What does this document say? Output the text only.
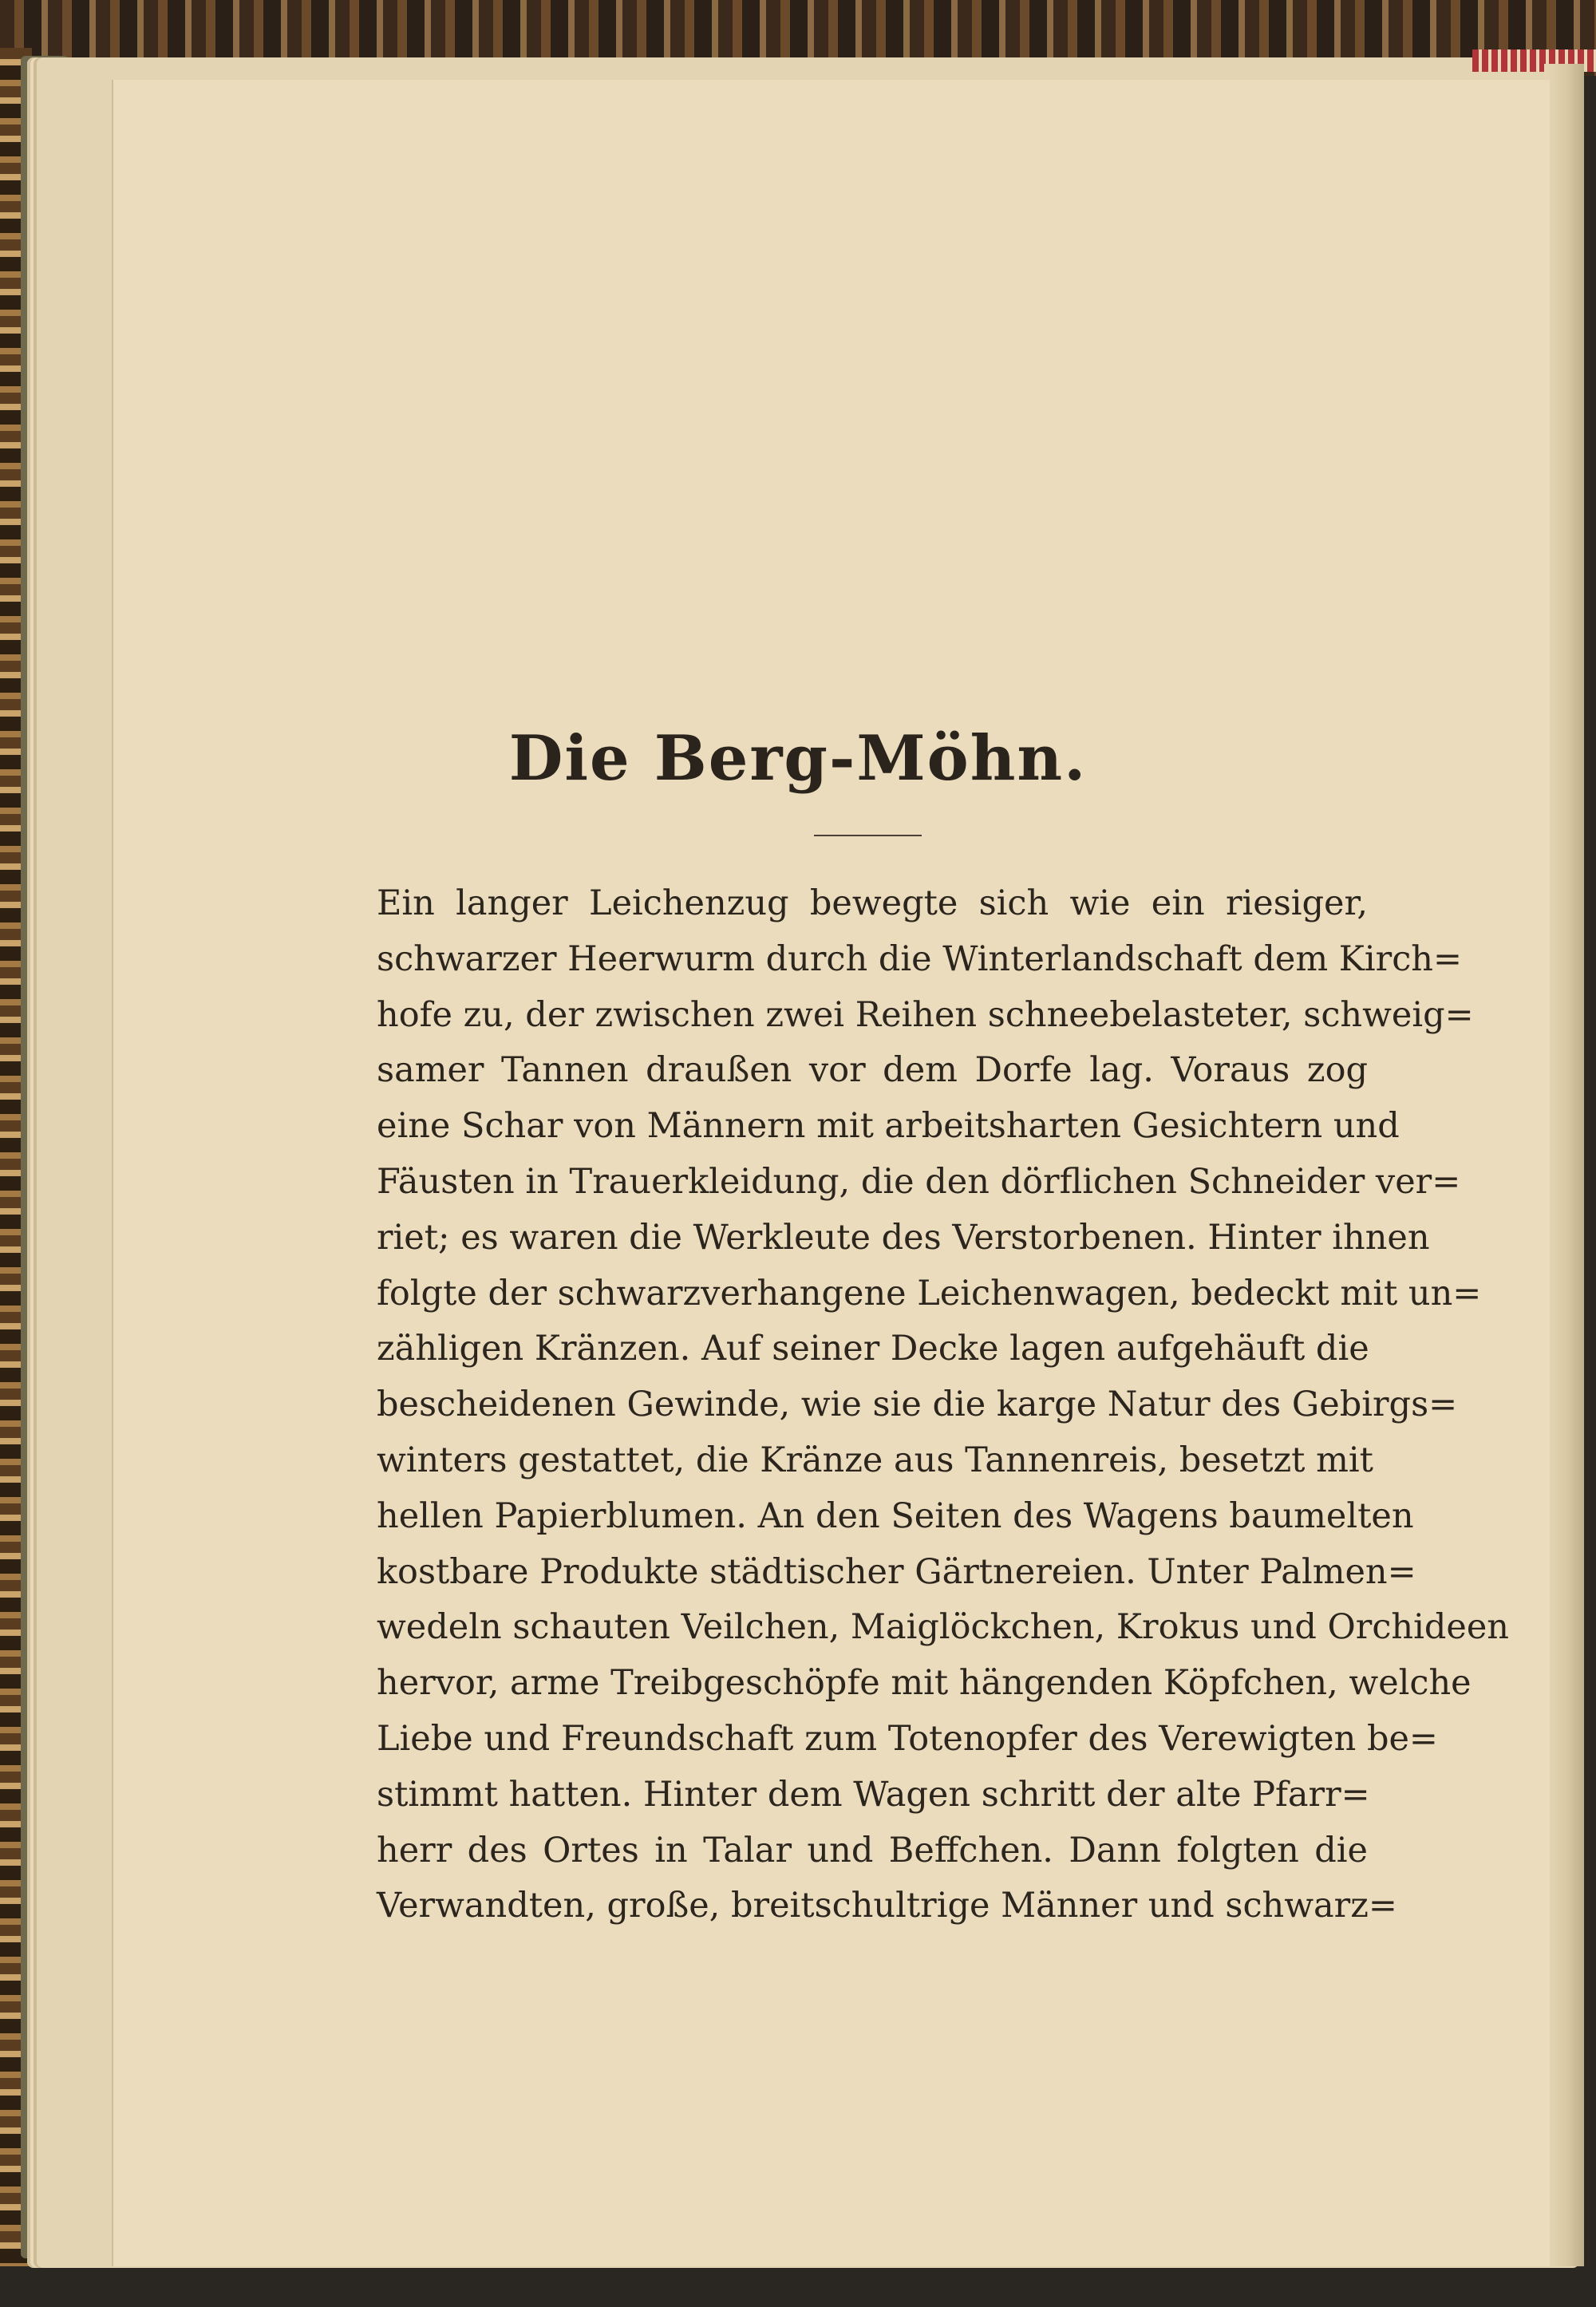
Die Berg-Möhn.
Ein langer Leichenzug bewegte sich wie ein riesiger,
schwarzer Heerwurm durch die Winterlandschaft dem Kirch=
hofe zu, der zwischen zwei Reihen schneebelasteter, schweig=
samer Tannen draußen vor dem Dorfe lag. Voraus zog
eine Schar von Männern mit arbeitsharten Gesichtern und
Fäusten in Trauerkleidung, die den dörflichen Schneider ver=
riet; es waren die Werkleute des Verstorbenen. Hinter ihnen
folgte der schwarzverhangene Leichenwagen, bedeckt mit un=
zähligen Kränzen. Auf seiner Decke lagen aufgehäuft die
bescheidenen Gewinde, wie sie die karge Natur des Gebirgs=
winters gestattet, die Kränze aus Tannenreis, besetzt mit
hellen Papierblumen. An den Seiten des Wagens baumelten
kostbare Produkte städtischer Gärtnereien. Unter Palmen=
wedeln schauten Veilchen, Maiglöckchen, Krokus und Orchideen
hervor, arme Treibgeschöpfe mit hängenden Köpfchen, welche
Liebe und Freundschaft zum Totenopfer des Verewigten be=
stimmt hatten. Hinter dem Wagen schritt der alte Pfarr=
herr des Ortes in Talar und Beffchen. Dann folgten die
Verwandten, große, breitschultrige Männer und schwarz=
